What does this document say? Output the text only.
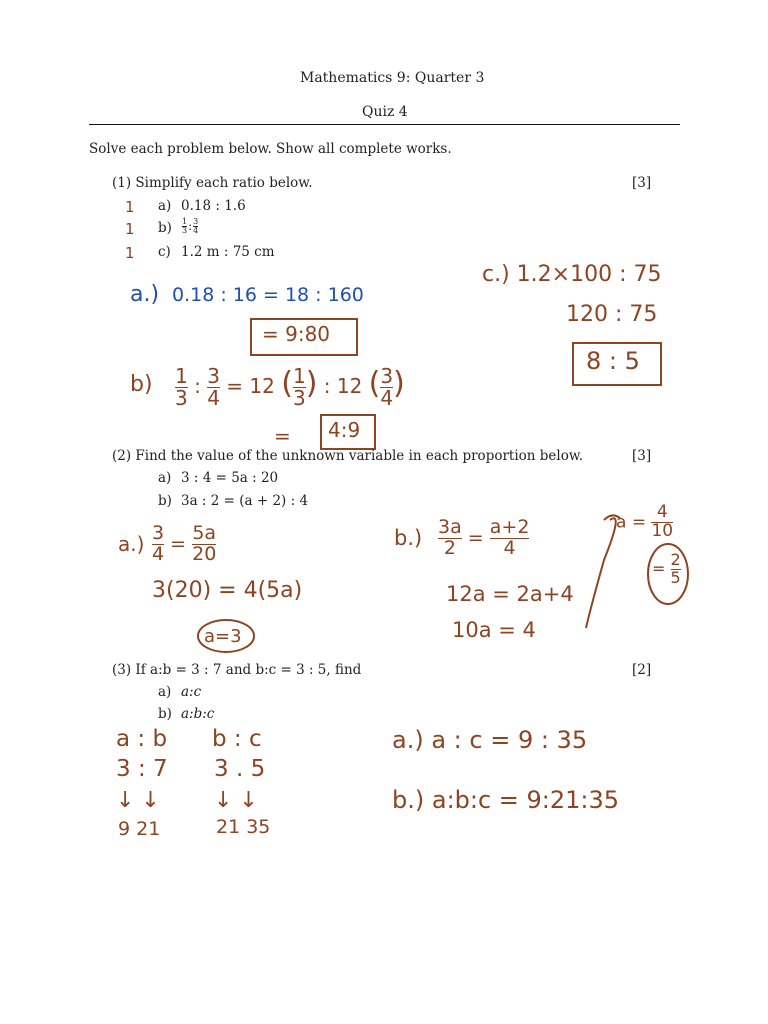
Mathematics 9: Quarter 3
Quiz 4
Solve each problem below. Show all complete works.
(1) Simplify each ratio below.	[3]
1 a) 0.18 : 1.6
1 $b) \frac{1}{3}$ : $\frac{3}{4}$
1 c) 1.2 m : 75 cm
a.) 0.18 : 16 = 18 : 160
= 9:80
$b) \frac{1}{3}$ : $\frac{3}{4} = 12$ ( $\frac{1}{3}$ ) : 12 ( $\frac{3}{4}$ )
= 4:9
c.) 1.2×100 : 75
120 : 75
8 : 5
(2) Find the value of the unknown variable in each proportion below.	[3]
a) 3 : 4 = 5a : 20
b) 3a : 2 = (a + 2) : 4
$a.) \frac{3}{4} = \frac{5a}{20}$
3(20) = 4(5a)
$b.) \frac{3a}{2} = \frac{a+2}{4}$
12a = 2a+4
10a = 4
$a = \frac{4}{10}$
= $\frac{2}{5}$
a=3
(3) If a:b = 3 : 7 and b:c = 3 : 5, find	[2]
a) a:c
b) a:b:c
a : b
3 : 7
↓ ↓
9 21
b : c
3 . 5
↓ ↓
21 35
a.) a : c = 9 : 35
b.) a:b:c = 9:21:35
